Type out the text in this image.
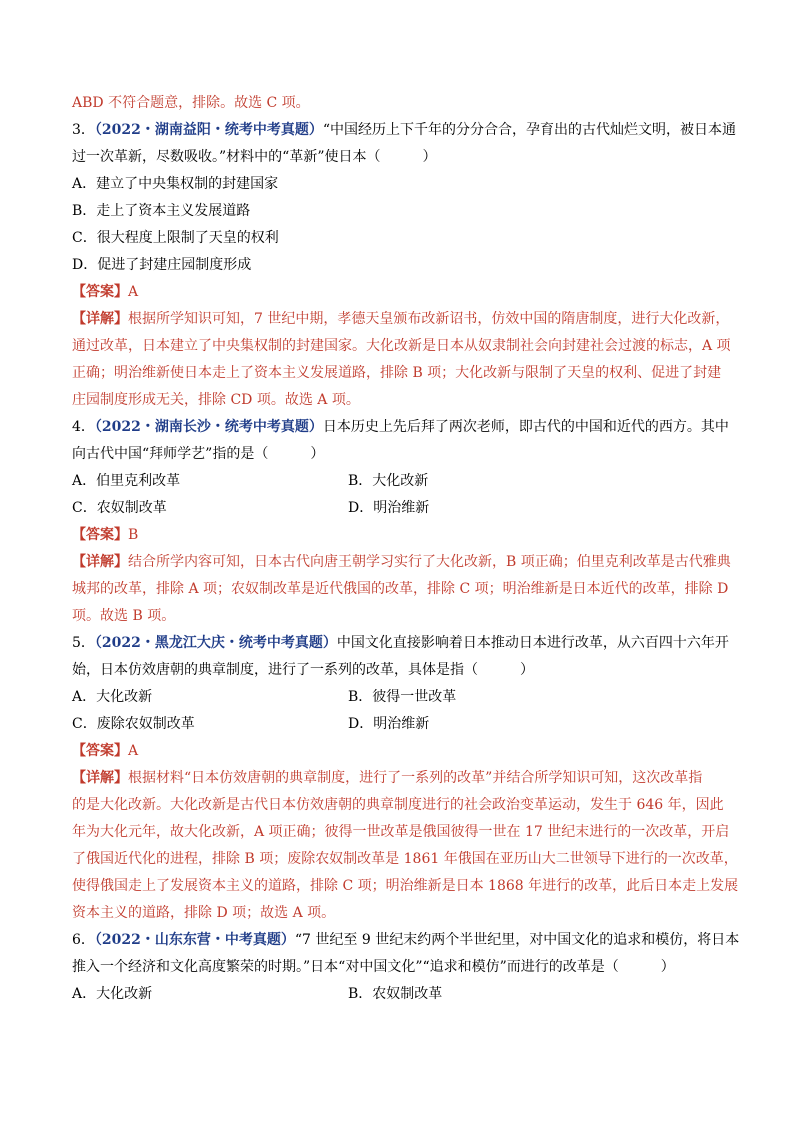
ABD 不符合题意，排除。故选 C 项。
3．（2022・湖南益阳・统考中考真题）“中国经历上下千年的分分合合，孕育出的古代灿烂文明，被日本通
过一次革新，尽数吸收。”材料中的“革新”使日本（　　　）
A．建立了中央集权制的封建国家
B．走上了资本主义发展道路
C．很大程度上限制了天皇的权利
D．促进了封建庄园制度形成
【答案】A
【详解】根据所学知识可知，7 世纪中期，孝德天皇颁布改新诏书，仿效中国的隋唐制度，进行大化改新，
通过改革，日本建立了中央集权制的封建国家。大化改新是日本从奴隶制社会向封建社会过渡的标志，A 项
正确；明治维新使日本走上了资本主义发展道路，排除 B 项；大化改新与限制了天皇的权利、促进了封建
庄园制度形成无关，排除 CD 项。故选 A 项。
4．（2022・湖南长沙・统考中考真题）日本历史上先后拜了两次老师，即古代的中国和近代的西方。其中
向古代中国“拜师学艺”指的是（　　　）
A．伯里克利改革	B．大化改新
C．农奴制改革	D．明治维新
【答案】B
【详解】结合所学内容可知，日本古代向唐王朝学习实行了大化改新，B 项正确；伯里克利改革是古代雅典
城邦的改革，排除 A 项；农奴制改革是近代俄国的改革，排除 C 项；明治维新是日本近代的改革，排除 D
项。故选 B 项。
5．（2022・黑龙江大庆・统考中考真题）中国文化直接影响着日本推动日本进行改革，从六百四十六年开
始，日本仿效唐朝的典章制度，进行了一系列的改革，具体是指（　　　）
A．大化改新	B．彼得一世改革
C．废除农奴制改革	D．明治维新
【答案】A
【详解】根据材料“日本仿效唐朝的典章制度，进行了一系列的改革”并结合所学知识可知，这次改革指
的是大化改新。大化改新是古代日本仿效唐朝的典章制度进行的社会政治变革运动，发生于 646 年，因此
年为大化元年，故大化改新，A 项正确；彼得一世改革是俄国彼得一世在 17 世纪末进行的一次改革，开启
了俄国近代化的进程，排除 B 项；废除农奴制改革是 1861 年俄国在亚历山大二世领导下进行的一次改革，
使得俄国走上了发展资本主义的道路，排除 C 项；明治维新是日本 1868 年进行的改革，此后日本走上发展
资本主义的道路，排除 D 项；故选 A 项。
6．（2022・山东东营・中考真题）“7 世纪至 9 世纪末约两个半世纪里，对中国文化的追求和模仿，将日本
推入一个经济和文化高度繁荣的时期。”日本“对中国文化”“追求和模仿”而进行的改革是（　　　）
A．大化改新	B．农奴制改革
